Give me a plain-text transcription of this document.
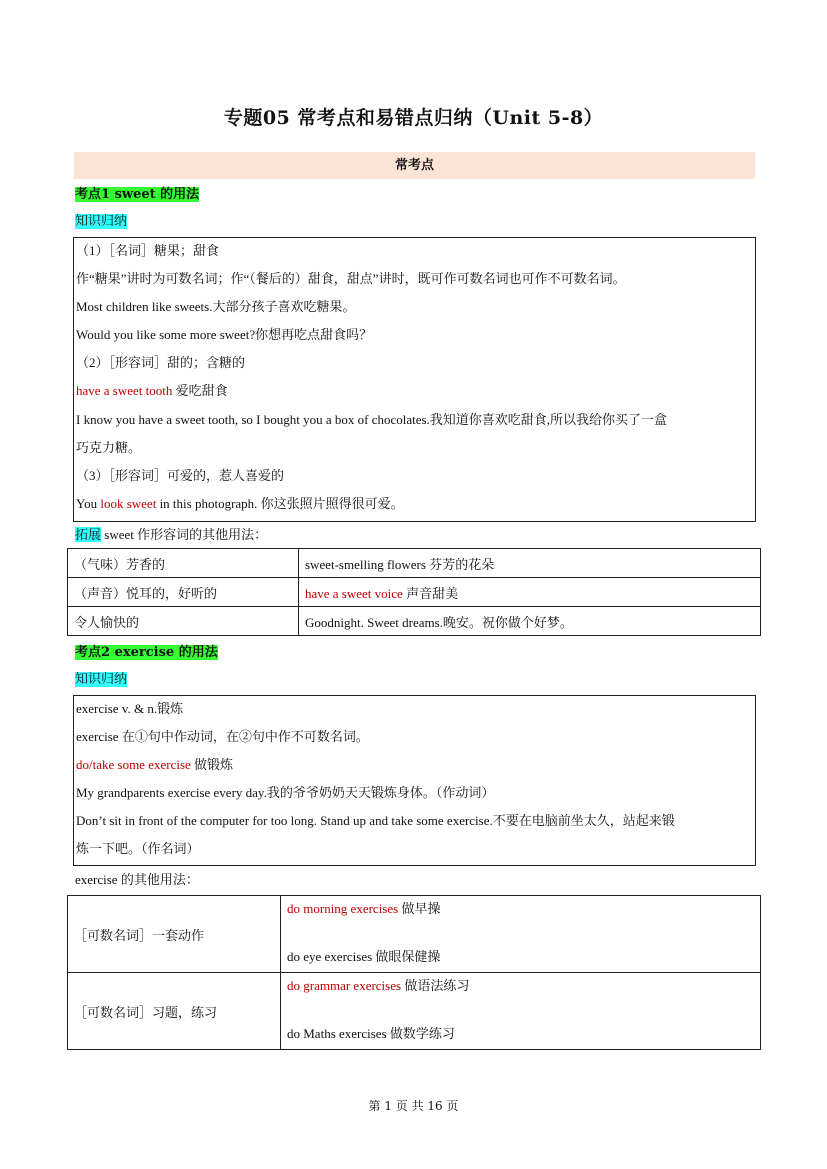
专题05 常考点和易错点归纳（Unit 5-8）
常考点
考点1 sweet 的用法
知识归纳
（1）［名词］糖果；甜食
作“糖果”讲时为可数名词；作“（餐后的）甜食，甜点”讲时，既可作可数名词也可作不可数名词。
Most children like sweets.大部分孩子喜欢吃糖果。
Would you like some more sweet?你想再吃点甜食吗？
（2）［形容词］甜的；含糖的
have a sweet tooth 爱吃甜食
I know you have a sweet tooth, so I bought you a box of chocolates.我知道你喜欢吃甜食,所以我给你买了一盒
巧克力糖。
（3）［形容词］可爱的，惹人喜爱的
You look sweet in this photograph. 你这张照片照得很可爱。
拓展 sweet 作形容词的其他用法：
（气味）芳香的	sweet-smelling flowers 芬芳的花朵
（声音）悦耳的，好听的	have a sweet voice 声音甜美
令人愉快的	Goodnight. Sweet dreams.晚安。祝你做个好梦。
考点2 exercise 的用法
知识归纳
exercise v. & n.锻炼
exercise 在①句中作动词，在②句中作不可数名词。
do/take some exercise 做锻炼
My grandparents exercise every day.我的爷爷奶奶天天锻炼身体。（作动词）
Don’t sit in front of the computer for too long. Stand up and take some exercise.不要在电脑前坐太久，站起来锻
炼一下吧。（作名词）
exercise 的其他用法：
［可数名词］一套动作	do morning exercises 做早操
do eye exercises 做眼保健操

［可数名词］习题，练习	do grammar exercises 做语法练习
do Maths exercises 做数学练习
第 1 页 共 16 页
